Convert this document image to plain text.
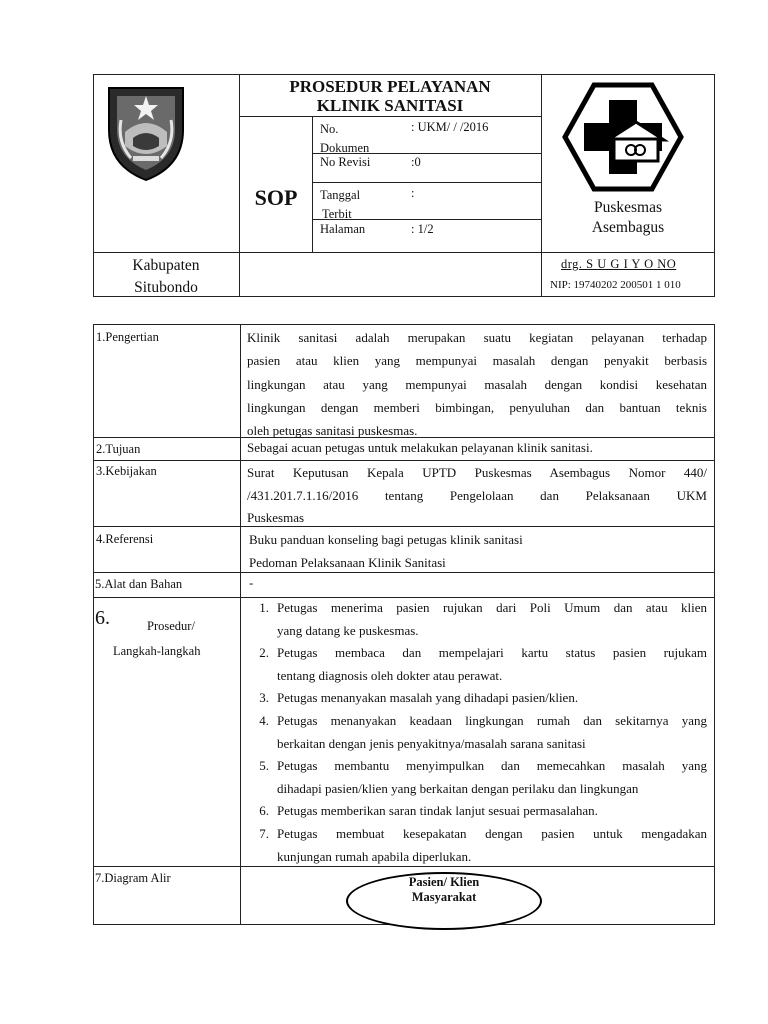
PROSEDUR PELAYANAN
KLINIK SANITASI
SOP
No.
Dokumen
: UKM/ / /2016
No Revisi	:0
Tanggal
Terbit
:
Halaman	: 1/2
Puskesmas
Asembagus
Kabupaten
Situbondo
drg. S U G I Y O NO
NIP: 19740202 200501 1 010
1.Pengertian	Klinik sanitasi adalah merupakan suatu kegiatan pelayanan terhadap
pasien atau klien yang mempunyai masalah dengan penyakit berbasis
lingkungan atau yang mempunyai masalah dengan kondisi kesehatan
lingkungan dengan memberi bimbingan, penyuluhan dan bantuan teknis
oleh petugas sanitasi puskesmas.
2.Tujuan	Sebagai acuan petugas untuk melakukan pelayanan klinik sanitasi.
3.Kebijakan	Surat Keputusan Kepala UPTD Puskesmas Asembagus Nomor 440/
/431.201.7.1.16/2016 tentang Pengelolaan dan Pelaksanaan UKM
Puskesmas
4.Referensi	Buku panduan konseling bagi petugas klinik sanitasi
Pedoman Pelaksanaan Klinik Sanitasi
5.Alat dan Bahan	-
6.	Prosedur/
Langkah-langkah
1. Petugas menerima pasien rujukan dari Poli Umum dan atau klien
yang datang ke puskesmas.
2. Petugas membaca dan mempelajari kartu status pasien rujukam
tentang diagnosis oleh dokter atau perawat.
3. Petugas menanyakan masalah yang dihadapi pasien/klien.
4. Petugas menanyakan keadaan lingkungan rumah dan sekitarnya yang
berkaitan dengan jenis penyakitnya/masalah sarana sanitasi
5. Petugas membantu menyimpulkan dan memecahkan masalah yang
dihadapi pasien/klien yang berkaitan dengan perilaku dan lingkungan
6. Petugas memberikan saran tindak lanjut sesuai permasalahan.
7. Petugas membuat kesepakatan dengan pasien untuk mengadakan
kunjungan rumah apabila diperlukan.
7.Diagram Alir	Pasien/ Klien
Masyarakat
